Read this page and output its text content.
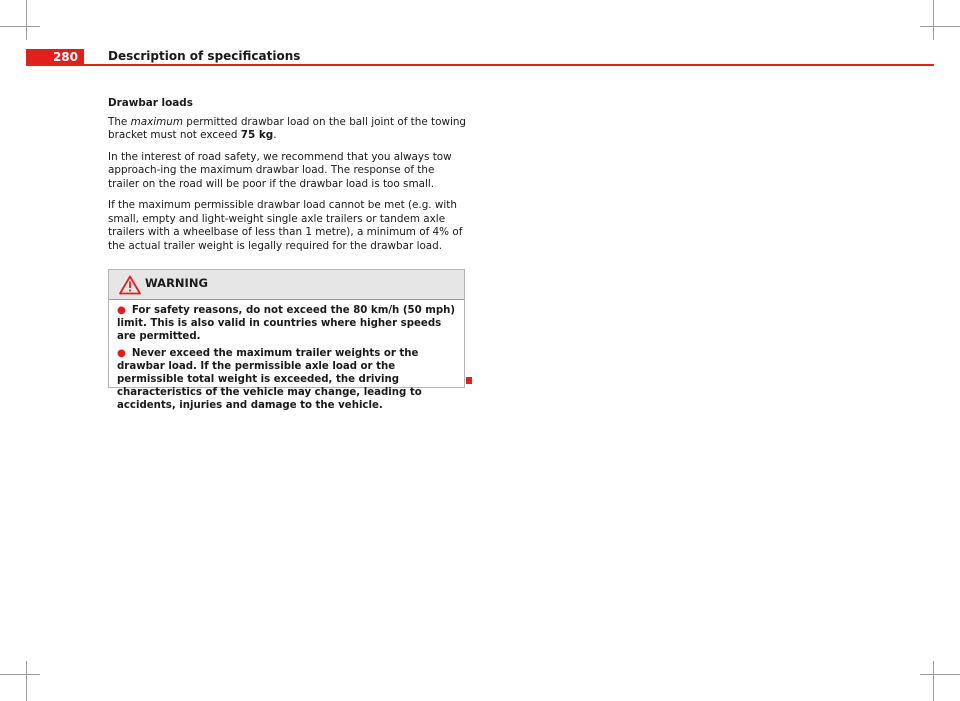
280	Description of specifications
Drawbar loads

The maximum permitted drawbar load on the ball joint of the towing bracket must not exceed 75 kg.

In the interest of road safety, we recommend that you always tow approach-ing the maximum drawbar load. The response of the trailer on the road will be poor if the drawbar load is too small.

If the maximum permissible drawbar load cannot be met (e.g. with small, empty and light-weight single axle trailers or tandem axle trailers with a wheelbase of less than 1 metre), a minimum of 4% of the actual trailer weight is legally required for the drawbar load.

WARNING
● For safety reasons, do not exceed the 80 km/h (50 mph) limit. This is also valid in countries where higher speeds are permitted.
● Never exceed the maximum trailer weights or the drawbar load. If the permissible axle load or the permissible total weight is exceeded, the driving characteristics of the vehicle may change, leading to accidents, injuries and damage to the vehicle.
